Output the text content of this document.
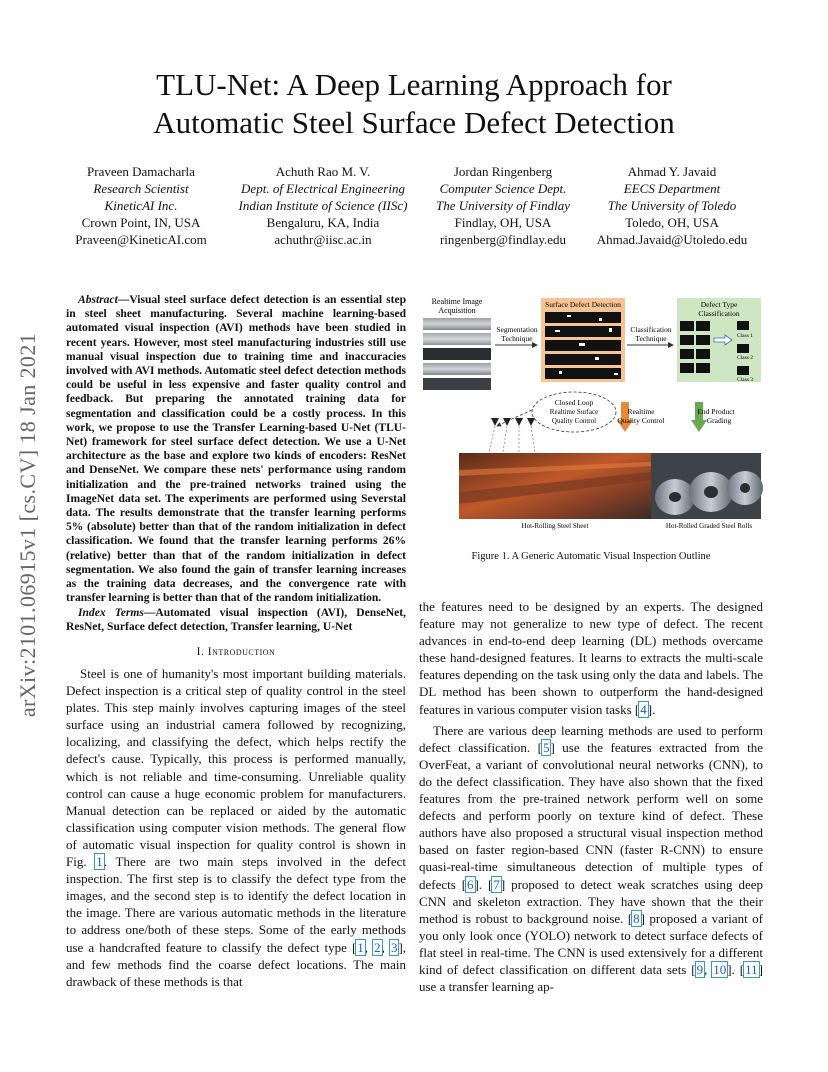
arXiv:2101.06915v1 [cs.CV] 18 Jan 2021
TLU-Net: A Deep Learning Approach for
Automatic Steel Surface Defect Detection
Praveen Damacharla
Research Scientist
KineticAI Inc.
Crown Point, IN, USA
Praveen@KineticAI.com
Achuth Rao M. V.
Dept. of Electrical Engineering
Indian Institute of Science (IISc)
Bengaluru, KA, India
achuthr@iisc.ac.in
Jordan Ringenberg
Computer Science Dept.
The University of Findlay
Findlay, OH, USA
ringenberg@findlay.edu
Ahmad Y. Javaid
EECS Department
The University of Toledo
Toledo, OH, USA
Ahmad.Javaid@Utoledo.edu
Abstract—Visual steel surface defect detection is an essential step in steel sheet manufacturing. Several machine learning-based automated visual inspection (AVI) methods have been studied in recent years. However, most steel manufacturing industries still use manual visual inspection due to training time and inaccuracies involved with AVI methods. Automatic steel defect detection methods could be useful in less expensive and faster quality control and feedback. But preparing the annotated training data for segmentation and classification could be a costly process. In this work, we propose to use the Transfer Learning-based U-Net (TLU-Net) framework for steel surface defect detection. We use a U-Net architecture as the base and explore two kinds of encoders: ResNet and DenseNet. We compare these nets' performance using random initialization and the pre-trained networks trained using the ImageNet data set. The experiments are performed using Severstal data. The results demonstrate that the transfer learning performs 5% (absolute) better than that of the random initialization in defect classification. We found that the transfer learning performs 26% (relative) better than that of the random initialization in defect segmentation. We also found the gain of transfer learning increases as the training data decreases, and the convergence rate with transfer learning is better than that of the random initialization.
Index Terms—Automated visual inspection (AVI), DenseNet, ResNet, Surface defect detection, Transfer learning, U-Net
I. Introduction
Steel is one of humanity's most important building materials. Defect inspection is a critical step of quality control in the steel plates. This step mainly involves capturing images of the steel surface using an industrial camera followed by recognizing, localizing, and classifying the defect, which helps rectify the defect's cause. Typically, this process is performed manually, which is not reliable and time-consuming. Unreliable quality control can cause a huge economic problem for manufacturers. Manual detection can be replaced or aided by the automatic classification using computer vision methods. The general flow of automatic visual inspection for quality control is shown in Fig. 1. There are two main steps involved in the defect inspection. The first step is to classify the defect type from the images, and the second step is to identify the defect location in the image. There are various automatic methods in the literature to address one/both of these steps. Some of the early methods use a handcrafted feature to classify the defect type [1, 2, 3], and few methods find the coarse defect locations. The main drawback of these methods is that

the features need to be designed by an experts. The designed feature may not generalize to new type of defect. The recent advances in end-to-end deep learning (DL) methods overcame these hand-designed features. It learns to extracts the multi-scale features depending on the task using only the data and labels. The DL method has been shown to outperform the hand-designed features in various computer vision tasks [4].

There are various deep learning methods are used to perform defect classification. [5] use the features extracted from the OverFeat, a variant of convolutional neural networks (CNN), to do the defect classification. They have also shown that the fixed features from the pre-trained network perform well on some defects and perform poorly on texture kind of defect. These authors have also proposed a structural visual inspection method based on faster region-based CNN (faster R-CNN) to ensure quasi-real-time simultaneous detection of multiple types of defects [6]. [7] proposed to detect weak scratches using deep CNN and skeleton extraction. They have shown that the their method is robust to background noise. [8] proposed a variant of you only look once (YOLO) network to detect surface defects of flat steel in real-time. The CNN is used extensively for a different kind of defect classification on different data sets [9, 10]. [11] use a transfer learning ap-

Realtime Image
Acquisition
Segmentation
Technique
Surface Defect Detection
Classification
Technique
Defect Type
Classification
Class 1
Class 2
Class 3
Closed Loop
Realtime Surface
Quality Control
Realtime
Quality Control
End Product
Grading
Hot-Rolling Steel Sheet	Hot-Rolled Graded Steel Rolls
Figure 1. A Generic Automatic Visual Inspection Outline
